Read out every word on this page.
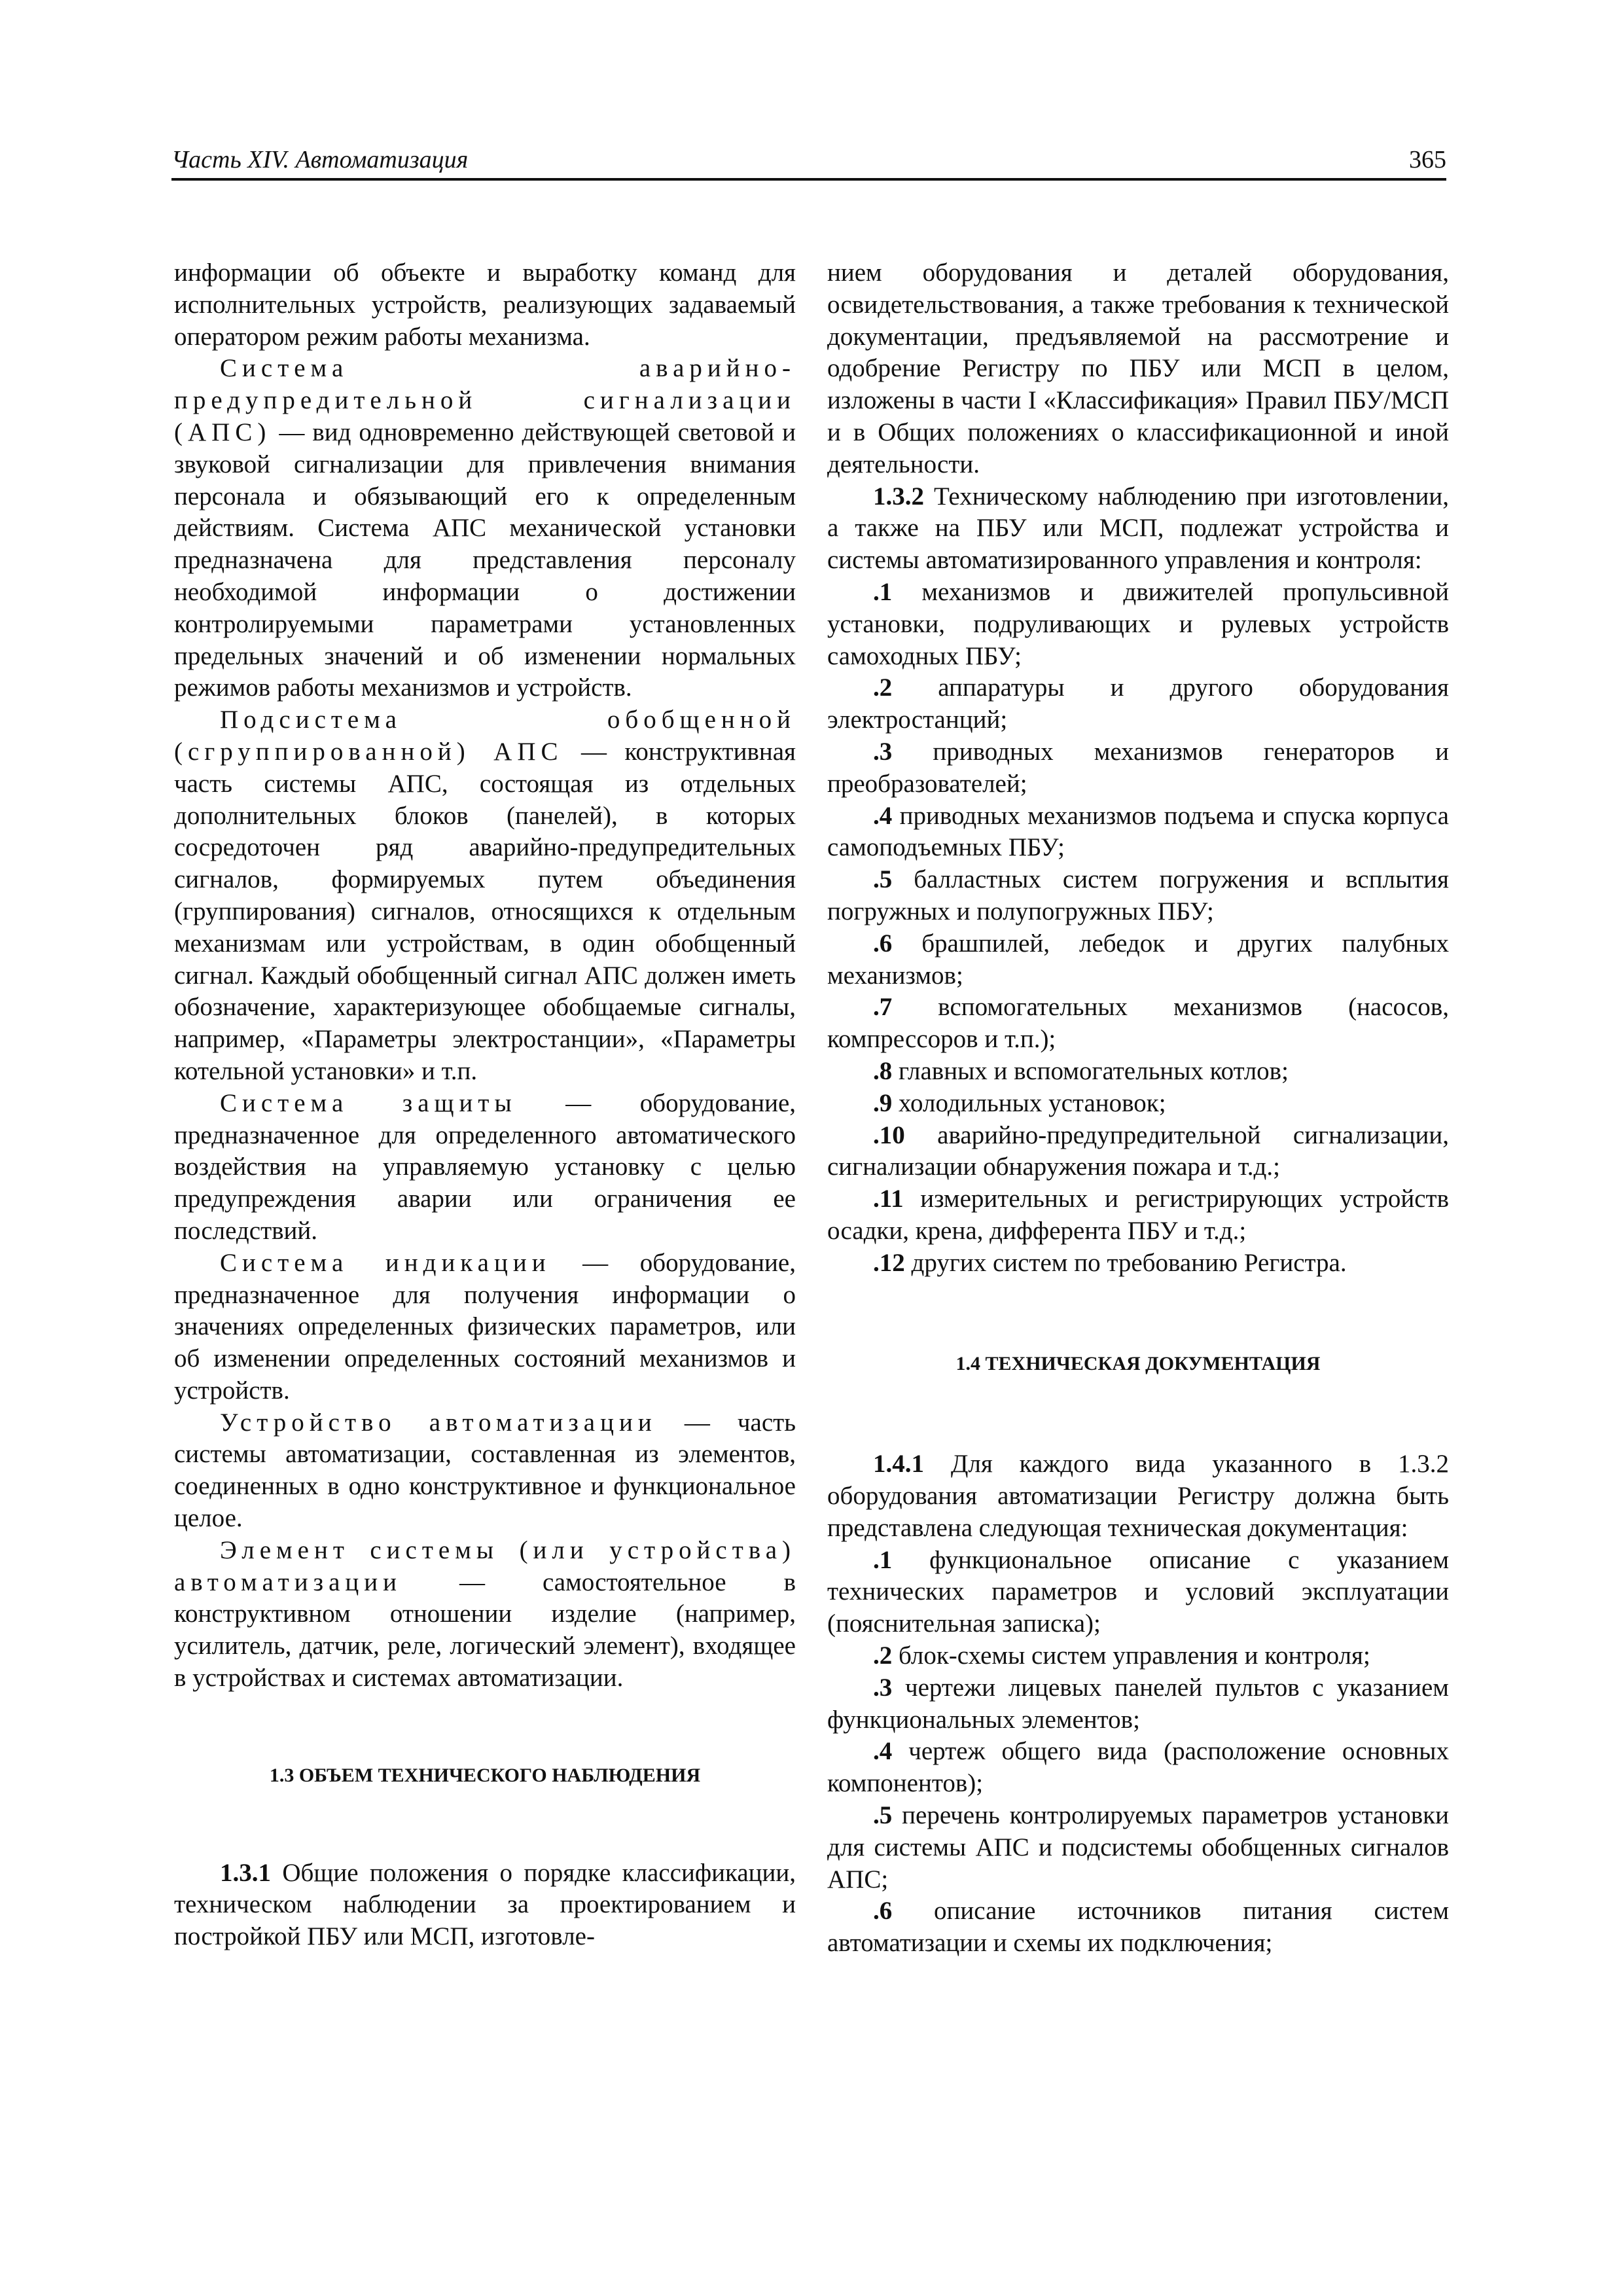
Часть XIV. Автоматизация	365

информации об объекте и выработку команд для исполнительных устройств, реализующих задаваемый оператором режим работы механизма.

Система аварийно-предупредительной сигнализации (АПС) — вид одновременно действующей световой и звуковой сигнализации для привлечения внимания персонала и обязывающий его к определенным действиям. Система АПС механической установки предназначена для представления персоналу необходимой информации о достижении контролируемыми параметрами установленных предельных значений и об изменении нормальных режимов работы механизмов и устройств.

Подсистема обобщенной (сгруппированной) АПС — конструктивная часть системы АПС, состоящая из отдельных дополнительных блоков (панелей), в которых сосредоточен ряд аварийно-предупредительных сигналов, формируемых путем объединения (группирования) сигналов, относящихся к отдельным механизмам или устройствам, в один обобщенный сигнал. Каждый обобщенный сигнал АПС должен иметь обозначение, характеризующее обобщаемые сигналы, например, «Параметры электростанции», «Параметры котельной установки» и т.п.

Система защиты — оборудование, предназначенное для определенного автоматического воздействия на управляемую установку с целью предупреждения аварии или ограничения ее последствий.

Система индикации — оборудование, предназначенное для получения информации о значениях определенных физических параметров, или об изменении определенных состояний механизмов и устройств.

Устройство автоматизации — часть системы автоматизации, составленная из элементов, соединенных в одно конструктивное и функциональное целое.

Элемент системы (или устройства) автоматизации — самостоятельное в конструктивном отношении изделие (например, усилитель, датчик, реле, логический элемент), входящее в устройствах и системах автоматизации.

1.3 ОБЪЕМ ТЕХНИЧЕСКОГО НАБЛЮДЕНИЯ

1.3.1 Общие положения о порядке классификации, техническом наблюдении за проектированием и постройкой ПБУ или МСП, изготовле-

нием оборудования и деталей оборудования, освидетельствования, а также требования к технической документации, предъявляемой на рассмотрение и одобрение Регистру по ПБУ или МСП в целом, изложены в части I «Классификация» Правил ПБУ/МСП и в Общих положениях о классификационной и иной деятельности.

1.3.2 Техническому наблюдению при изготовлении, а также на ПБУ или МСП, подлежат устройства и системы автоматизированного управления и контроля:

.1 механизмов и движителей пропульсивной установки, подруливающих и рулевых устройств самоходных ПБУ;

.2 аппаратуры и другого оборудования электростанций;

.3 приводных механизмов генераторов и преобразователей;

.4 приводных механизмов подъема и спуска корпуса самоподъемных ПБУ;

.5 балластных систем погружения и всплытия погружных и полупогружных ПБУ;

.6 брашпилей, лебедок и других палубных механизмов;

.7 вспомогательных механизмов (насосов, компрессоров и т.п.);

.8 главных и вспомогательных котлов;

.9 холодильных установок;

.10 аварийно-предупредительной сигнализации, сигнализации обнаружения пожара и т.д.;

.11 измерительных и регистрирующих устройств осадки, крена, дифферента ПБУ и т.д.;

.12 других систем по требованию Регистра.

1.4 ТЕХНИЧЕСКАЯ ДОКУМЕНТАЦИЯ

1.4.1 Для каждого вида указанного в 1.3.2 оборудования автоматизации Регистру должна быть представлена следующая техническая документация:

.1 функциональное описание с указанием технических параметров и условий эксплуатации (пояснительная записка);

.2 блок-схемы систем управления и контроля;

.3 чертежи лицевых панелей пультов с указанием функциональных элементов;

.4 чертеж общего вида (расположение основных компонентов);

.5 перечень контролируемых параметров установки для системы АПС и подсистемы обобщенных сигналов АПС;

.6 описание источников питания систем автоматизации и схемы их подключения;
